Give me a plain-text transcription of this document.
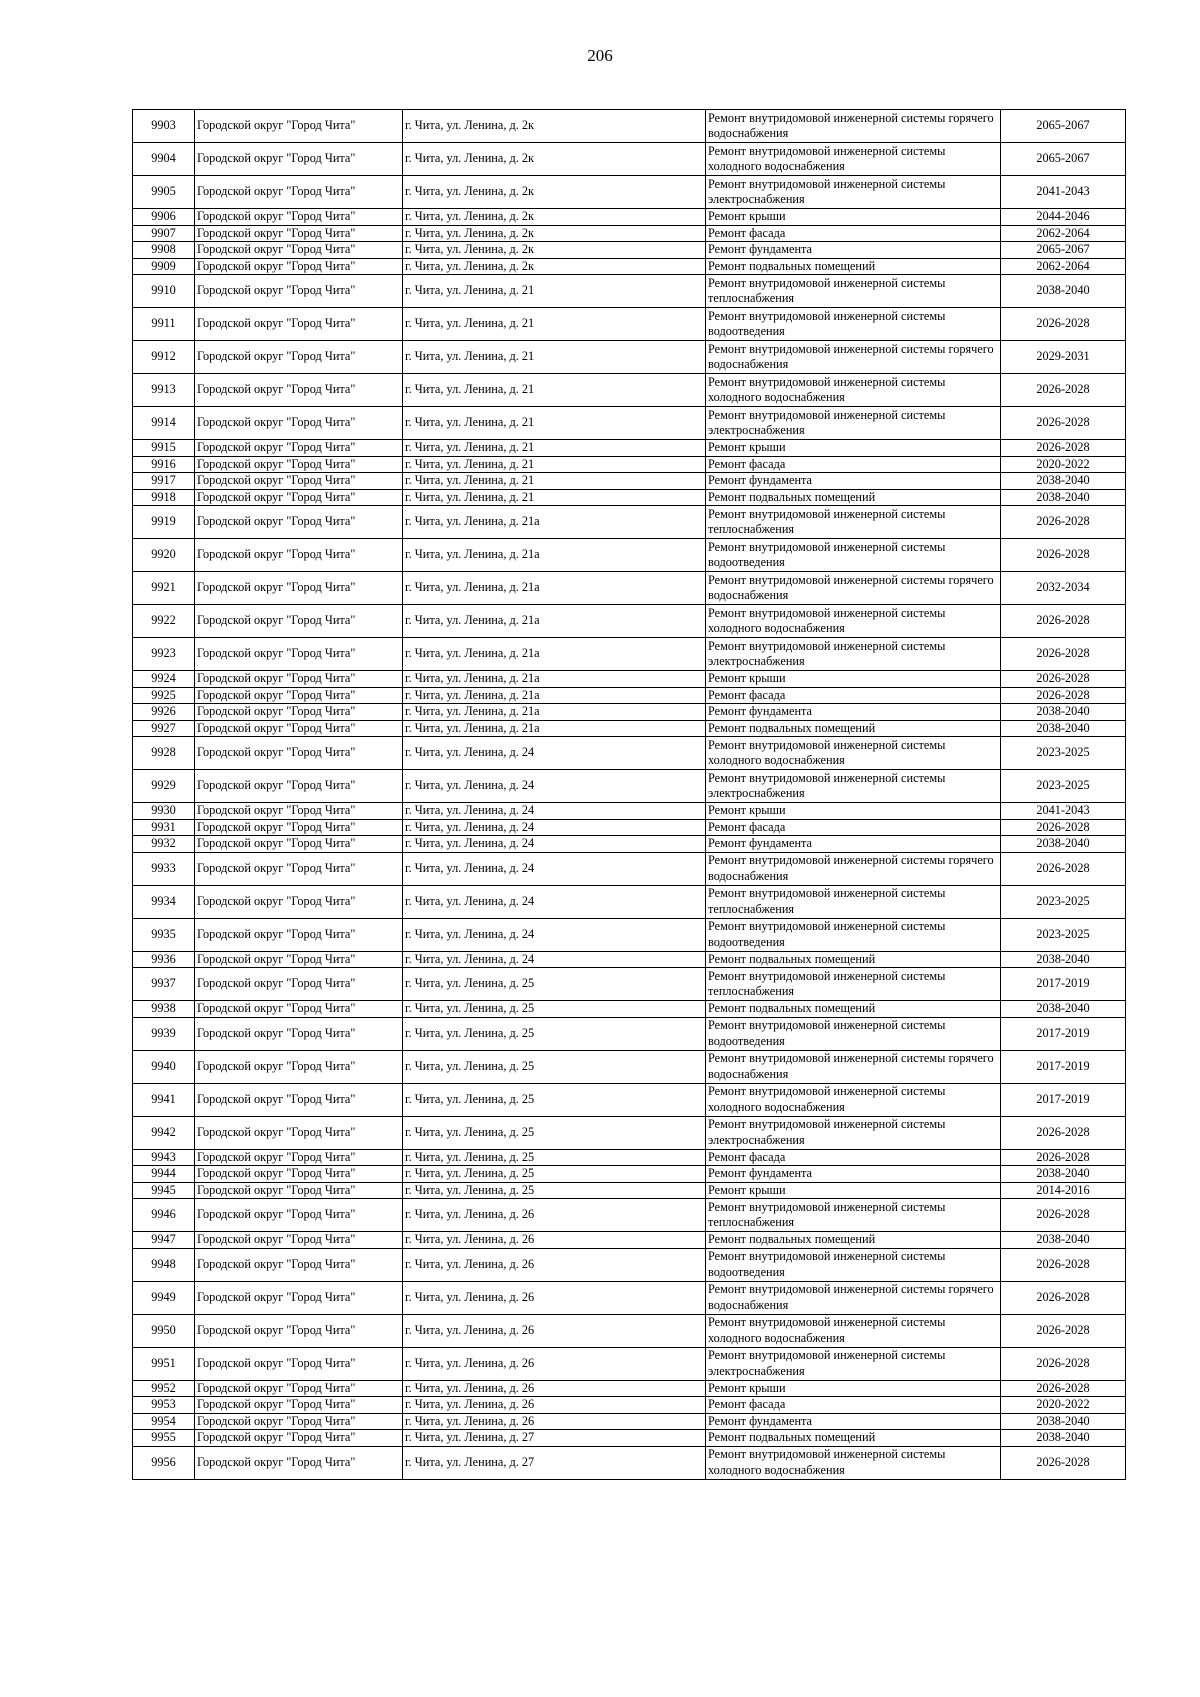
206
9903	Городской округ "Город Чита"	г. Чита, ул. Ленина, д. 2к	Ремонт внутридомовой инженерной системы горячего водоснабжения	2065-2067
9904	Городской округ "Город Чита"	г. Чита, ул. Ленина, д. 2к	Ремонт внутридомовой инженерной системы холодного водоснабжения	2065-2067
9905	Городской округ "Город Чита"	г. Чита, ул. Ленина, д. 2к	Ремонт внутридомовой инженерной системы электроснабжения	2041-2043
9906	Городской округ "Город Чита"	г. Чита, ул. Ленина, д. 2к	Ремонт крыши	2044-2046
9907	Городской округ "Город Чита"	г. Чита, ул. Ленина, д. 2к	Ремонт фасада	2062-2064
9908	Городской округ "Город Чита"	г. Чита, ул. Ленина, д. 2к	Ремонт фундамента	2065-2067
9909	Городской округ "Город Чита"	г. Чита, ул. Ленина, д. 2к	Ремонт подвальных помещений	2062-2064
9910	Городской округ "Город Чита"	г. Чита, ул. Ленина, д. 21	Ремонт внутридомовой инженерной системы теплоснабжения	2038-2040
9911	Городской округ "Город Чита"	г. Чита, ул. Ленина, д. 21	Ремонт внутридомовой инженерной системы водоотведения	2026-2028
9912	Городской округ "Город Чита"	г. Чита, ул. Ленина, д. 21	Ремонт внутридомовой инженерной системы горячего водоснабжения	2029-2031
9913	Городской округ "Город Чита"	г. Чита, ул. Ленина, д. 21	Ремонт внутридомовой инженерной системы холодного водоснабжения	2026-2028
9914	Городской округ "Город Чита"	г. Чита, ул. Ленина, д. 21	Ремонт внутридомовой инженерной системы электроснабжения	2026-2028
9915	Городской округ "Город Чита"	г. Чита, ул. Ленина, д. 21	Ремонт крыши	2026-2028
9916	Городской округ "Город Чита"	г. Чита, ул. Ленина, д. 21	Ремонт фасада	2020-2022
9917	Городской округ "Город Чита"	г. Чита, ул. Ленина, д. 21	Ремонт фундамента	2038-2040
9918	Городской округ "Город Чита"	г. Чита, ул. Ленина, д. 21	Ремонт подвальных помещений	2038-2040
9919	Городской округ "Город Чита"	г. Чита, ул. Ленина, д. 21а	Ремонт внутридомовой инженерной системы теплоснабжения	2026-2028
9920	Городской округ "Город Чита"	г. Чита, ул. Ленина, д. 21а	Ремонт внутридомовой инженерной системы водоотведения	2026-2028
9921	Городской округ "Город Чита"	г. Чита, ул. Ленина, д. 21а	Ремонт внутридомовой инженерной системы горячего водоснабжения	2032-2034
9922	Городской округ "Город Чита"	г. Чита, ул. Ленина, д. 21а	Ремонт внутридомовой инженерной системы холодного водоснабжения	2026-2028
9923	Городской округ "Город Чита"	г. Чита, ул. Ленина, д. 21а	Ремонт внутридомовой инженерной системы электроснабжения	2026-2028
9924	Городской округ "Город Чита"	г. Чита, ул. Ленина, д. 21а	Ремонт крыши	2026-2028
9925	Городской округ "Город Чита"	г. Чита, ул. Ленина, д. 21а	Ремонт фасада	2026-2028
9926	Городской округ "Город Чита"	г. Чита, ул. Ленина, д. 21а	Ремонт фундамента	2038-2040
9927	Городской округ "Город Чита"	г. Чита, ул. Ленина, д. 21а	Ремонт подвальных помещений	2038-2040
9928	Городской округ "Город Чита"	г. Чита, ул. Ленина, д. 24	Ремонт внутридомовой инженерной системы холодного водоснабжения	2023-2025
9929	Городской округ "Город Чита"	г. Чита, ул. Ленина, д. 24	Ремонт внутридомовой инженерной системы электроснабжения	2023-2025
9930	Городской округ "Город Чита"	г. Чита, ул. Ленина, д. 24	Ремонт крыши	2041-2043
9931	Городской округ "Город Чита"	г. Чита, ул. Ленина, д. 24	Ремонт фасада	2026-2028
9932	Городской округ "Город Чита"	г. Чита, ул. Ленина, д. 24	Ремонт фундамента	2038-2040
9933	Городской округ "Город Чита"	г. Чита, ул. Ленина, д. 24	Ремонт внутридомовой инженерной системы горячего водоснабжения	2026-2028
9934	Городской округ "Город Чита"	г. Чита, ул. Ленина, д. 24	Ремонт внутридомовой инженерной системы теплоснабжения	2023-2025
9935	Городской округ "Город Чита"	г. Чита, ул. Ленина, д. 24	Ремонт внутридомовой инженерной системы водоотведения	2023-2025
9936	Городской округ "Город Чита"	г. Чита, ул. Ленина, д. 24	Ремонт подвальных помещений	2038-2040
9937	Городской округ "Город Чита"	г. Чита, ул. Ленина, д. 25	Ремонт внутридомовой инженерной системы теплоснабжения	2017-2019
9938	Городской округ "Город Чита"	г. Чита, ул. Ленина, д. 25	Ремонт подвальных помещений	2038-2040
9939	Городской округ "Город Чита"	г. Чита, ул. Ленина, д. 25	Ремонт внутридомовой инженерной системы водоотведения	2017-2019
9940	Городской округ "Город Чита"	г. Чита, ул. Ленина, д. 25	Ремонт внутридомовой инженерной системы горячего водоснабжения	2017-2019
9941	Городской округ "Город Чита"	г. Чита, ул. Ленина, д. 25	Ремонт внутридомовой инженерной системы холодного водоснабжения	2017-2019
9942	Городской округ "Город Чита"	г. Чита, ул. Ленина, д. 25	Ремонт внутридомовой инженерной системы электроснабжения	2026-2028
9943	Городской округ "Город Чита"	г. Чита, ул. Ленина, д. 25	Ремонт фасада	2026-2028
9944	Городской округ "Город Чита"	г. Чита, ул. Ленина, д. 25	Ремонт фундамента	2038-2040
9945	Городской округ "Город Чита"	г. Чита, ул. Ленина, д. 25	Ремонт крыши	2014-2016
9946	Городской округ "Город Чита"	г. Чита, ул. Ленина, д. 26	Ремонт внутридомовой инженерной системы теплоснабжения	2026-2028
9947	Городской округ "Город Чита"	г. Чита, ул. Ленина, д. 26	Ремонт подвальных помещений	2038-2040
9948	Городской округ "Город Чита"	г. Чита, ул. Ленина, д. 26	Ремонт внутридомовой инженерной системы водоотведения	2026-2028
9949	Городской округ "Город Чита"	г. Чита, ул. Ленина, д. 26	Ремонт внутридомовой инженерной системы горячего водоснабжения	2026-2028
9950	Городской округ "Город Чита"	г. Чита, ул. Ленина, д. 26	Ремонт внутридомовой инженерной системы холодного водоснабжения	2026-2028
9951	Городской округ "Город Чита"	г. Чита, ул. Ленина, д. 26	Ремонт внутридомовой инженерной системы электроснабжения	2026-2028
9952	Городской округ "Город Чита"	г. Чита, ул. Ленина, д. 26	Ремонт крыши	2026-2028
9953	Городской округ "Город Чита"	г. Чита, ул. Ленина, д. 26	Ремонт фасада	2020-2022
9954	Городской округ "Город Чита"	г. Чита, ул. Ленина, д. 26	Ремонт фундамента	2038-2040
9955	Городской округ "Город Чита"	г. Чита, ул. Ленина, д. 27	Ремонт подвальных помещений	2038-2040
9956	Городской округ "Город Чита"	г. Чита, ул. Ленина, д. 27	Ремонт внутридомовой инженерной системы холодного водоснабжения	2026-2028
